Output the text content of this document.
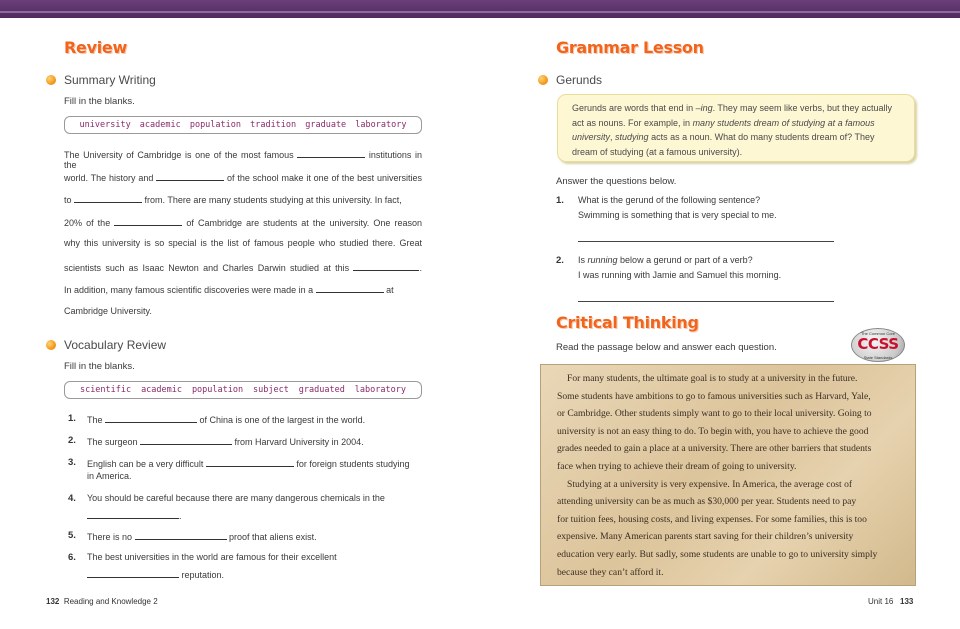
Review
Summary Writing
Fill in the blanks.
university academic population tradition graduate laboratory
The University of Cambridge is one of the most famous	institutions in the
world. The history and	of the school make it one of the best universities
to	from. There are many students studying at this university. In fact,
20% of the	of Cambridge are students at the university. One reason
why this university is so special is the list of famous people who studied there. Great
scientists such as Isaac Newton and Charles Darwin studied at this	.
In addition, many famous scientific discoveries were made in a	at
Cambridge University.
Vocabulary Review
Fill in the blanks.
scientific academic population subject graduated laboratory
1. The	of China is one of the largest in the world.
2. The surgeon	from Harvard University in 2004.
3. English can be a very difficult	for foreign students studying
in America.
4. You should be careful because there are many dangerous chemicals in the
.
5. There is no	proof that aliens exist.
6. The best universities in the world are famous for their excellent
reputation.
132 Reading and Knowledge 2
Grammar Lesson
Gerunds
Gerunds are words that end in –ing. They may seem like verbs, but they actually
act as nouns. For example, in many students dream of studying at a famous
university, studying acts as a noun. What do many students dream of? They
dream of studying (at a famous university).
Answer the questions below.
1. What is the gerund of the following sentence?
Swimming is something that is very special to me.
2. Is running below a gerund or part of a verb?
I was running with Jamie and Samuel this morning.
Critical Thinking
Read the passage below and answer each question.
The Common Core
CCSS
State Standards
For many students, the ultimate goal is to study at a university in the future.
Some students have ambitions to go to famous universities such as Harvard, Yale,
or Cambridge. Other students simply want to go to their local university. Going to
university is not an easy thing to do. To begin with, you have to achieve the good
grades needed to gain a place at a university. There are other barriers that students
face when trying to achieve their dream of going to university.
Studying at a university is very expensive. In America, the average cost of
attending university can be as much as $30,000 per year. Students need to pay
for tuition fees, housing costs, and living expenses. For some families, this is too
expensive. Many American parents start saving for their children’s university
education very early. But sadly, some students are unable to go to university simply
because they can’t afford it.
Unit 16 133
